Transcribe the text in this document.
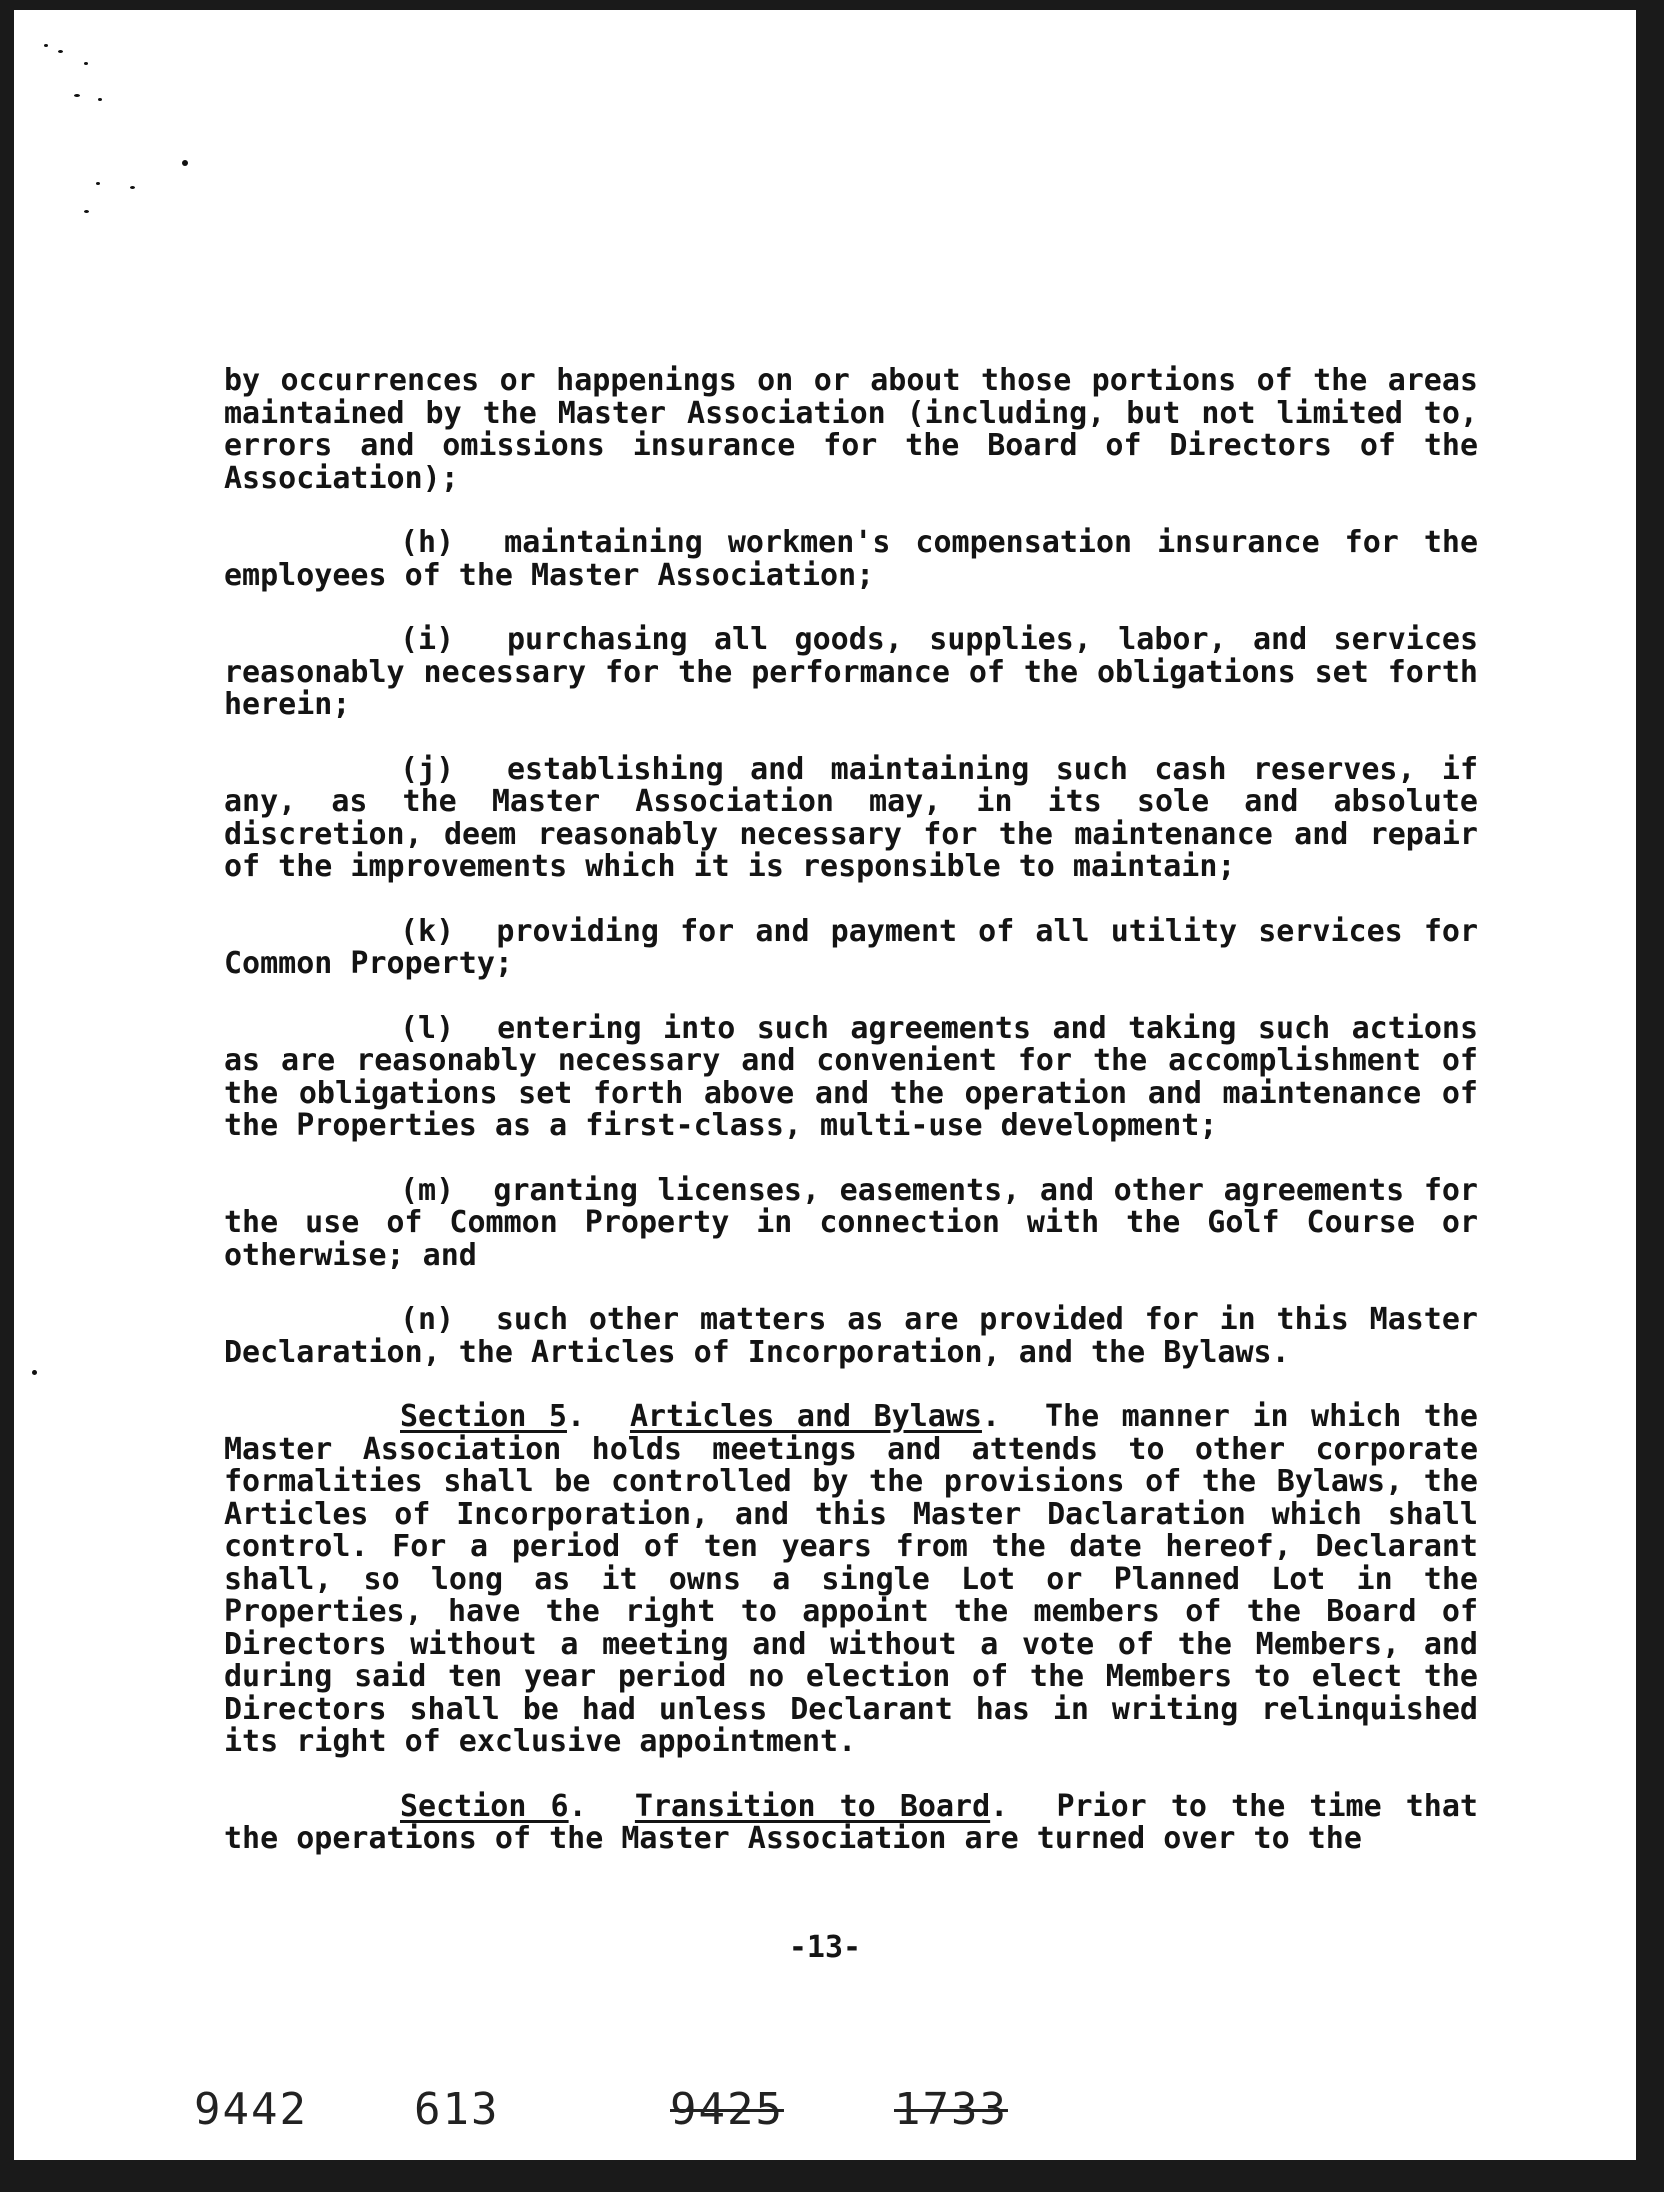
by occurrences or happenings on or about those portions of the areas maintained by the Master Association (including, but not limited to, errors and omissions insurance for the Board of Directors of the Association);

(h) maintaining workmen's compensation insurance for the employees of the Master Association;

(i) purchasing all goods, supplies, labor, and services reasonably necessary for the performance of the obligations set forth herein;

(j) establishing and maintaining such cash reserves, if any, as the Master Association may, in its sole and absolute discretion, deem reasonably necessary for the maintenance and repair of the improvements which it is responsible to maintain;

(k) providing for and payment of all utility services for Common Property;

(l) entering into such agreements and taking such actions as are reasonably necessary and convenient for the accomplishment of the obligations set forth above and the operation and maintenance of the Properties as a first-class, multi-use development;

(m) granting licenses, easements, and other agreements for the use of Common Property in connection with the Golf Course or otherwise; and

(n) such other matters as are provided for in this Master Declaration, the Articles of Incorporation, and the Bylaws.

Section 5.  Articles and Bylaws.  The manner in which the Master Association holds meetings and attends to other corporate formalities shall be controlled by the provisions of the Bylaws, the Articles of Incorporation, and this Master Daclaration which shall control. For a period of ten years from the date hereof, Declarant shall, so long as it owns a single Lot or Planned Lot in the Properties, have the right to appoint the members of the Board of Directors without a meeting and without a vote of the Members, and during said ten year period no election of the Members to elect the Directors shall be had unless Declarant has in writing relinquished its right of exclusive appointment.

Section 6.  Transition to Board.  Prior to the time that the operations of the Master Association are turned over to the

-13-
9442 613	9425	1733
